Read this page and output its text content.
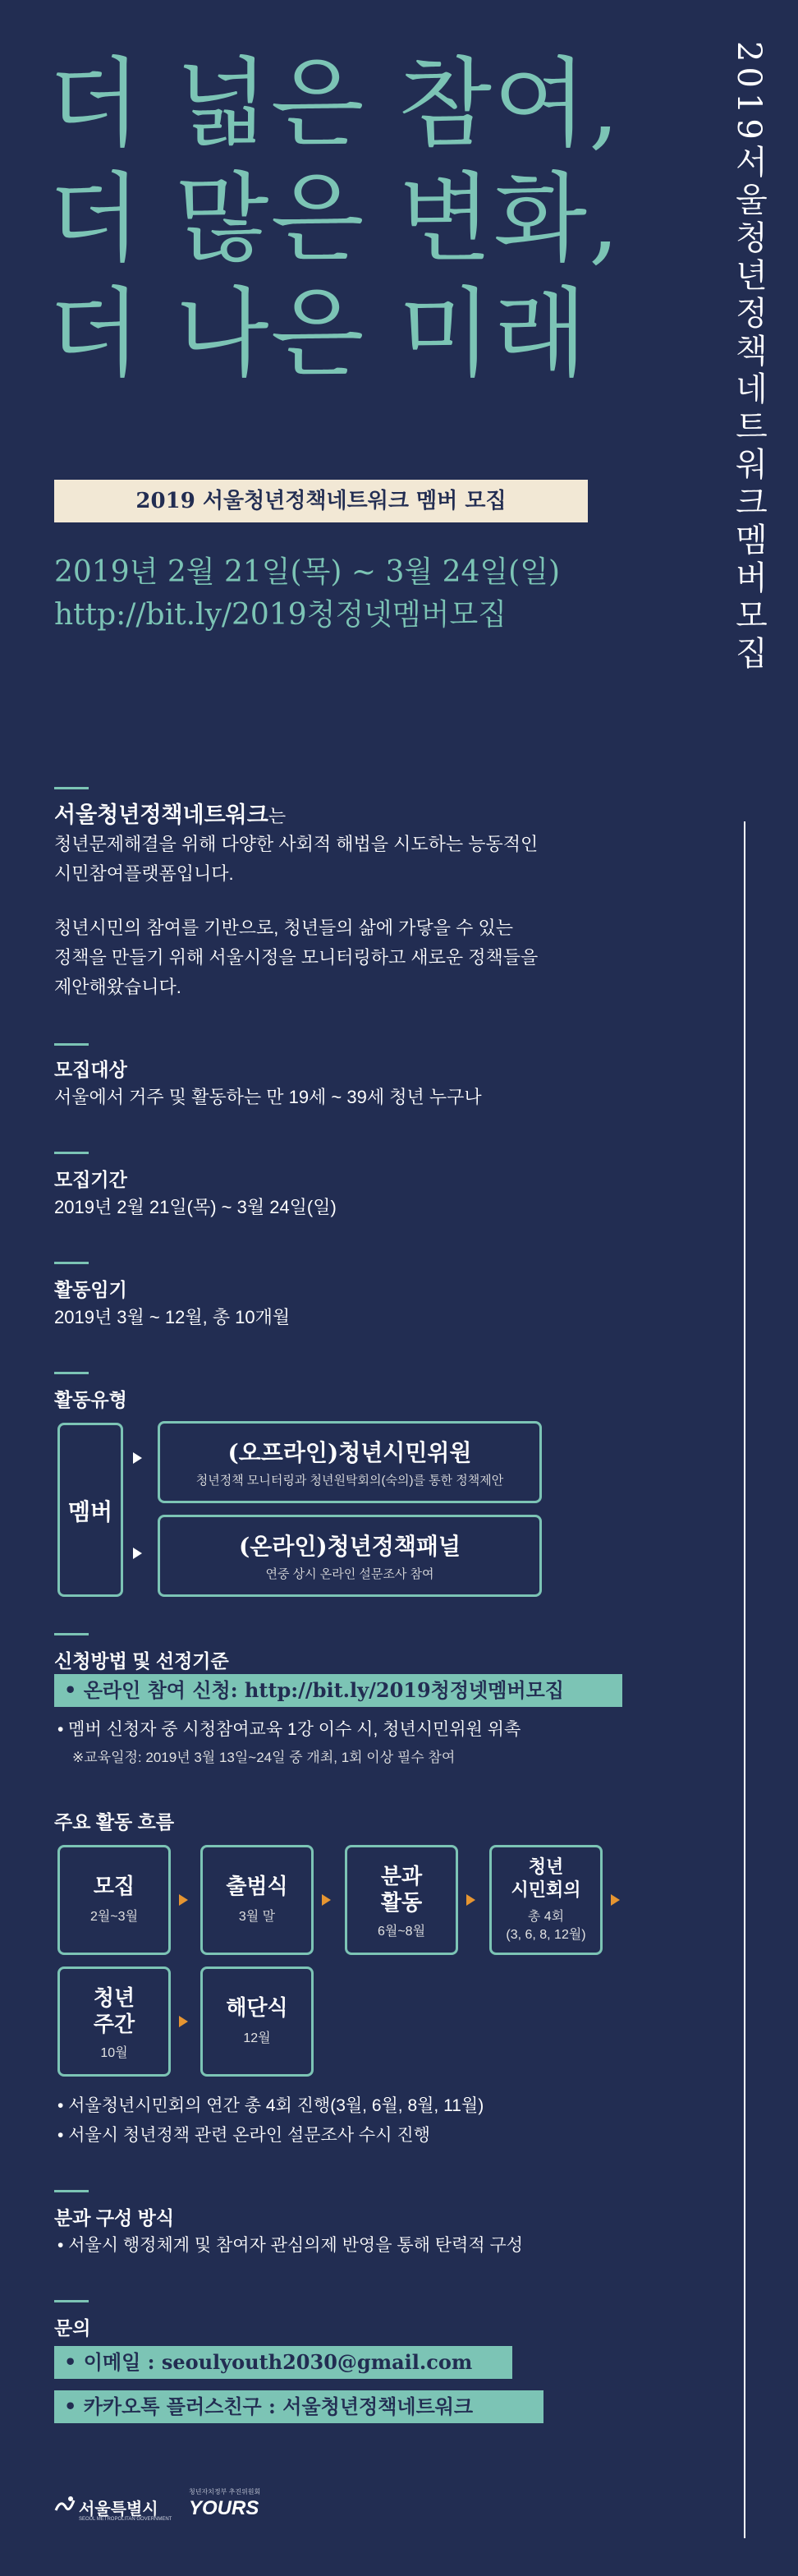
더 넓은 참여,
더 많은 변화,
더 나은 미래	2019서울청년정책네트워크멤버모집
2019 서울청년정책네트워크 멤버 모집
2019년 2월 21일(목) ~ 3월 24일(일)
http://bit.ly/2019청정넷멤버모집
서울청년정책네트워크는
청년문제해결을 위해 다양한 사회적 해법을 시도하는 능동적인
시민참여플랫폼입니다.
청년시민의 참여를 기반으로, 청년들의 삶에 가닿을 수 있는
정책을 만들기 위해 서울시정을 모니터링하고 새로운 정책들을
제안해왔습니다.
모집대상
서울에서 거주 및 활동하는 만 19세 ~ 39세 청년 누구나
모집기간
2019년 2월 21일(목) ~ 3월 24일(일)
활동임기
2019년 3월 ~ 12월, 총 10개월
활동유형
멤버
(오프라인)청년시민위원
청년정책 모니터링과 청년원탁회의(숙의)를 통한 정책제안
(온라인)청년정책패널
연중 상시 온라인 설문조사 참여
신청방법 및 선정기준
• 온라인 참여 신청: http://bit.ly/2019청정넷멤버모집
• 멤버 신청자 중 시청참여교육 1강 이수 시, 청년시민위원 위촉
※교육일정: 2019년 3월 13일~24일 중 개최, 1회 이상 필수 참여
주요 활동 흐름
모집
2월~3월
출범식
3월 말
분과
활동
6월~8월
청년
시민회의
총 4회
(3, 6, 8, 12월)
청년
주간
10월
해단식
12월
• 서울청년시민회의 연간 총 4회 진행(3월, 6월, 8월, 11월)
• 서울시 청년정책 관련 온라인 설문조사 수시 진행
분과 구성 방식
• 서울시 행정체계 및 참여자 관심의제 반영을 통해 탄력적 구성
문의
• 이메일 : seoulyouth2030@gmail.com
• 카카오톡 플러스친구 : 서울청년정책네트워크
서울특별시
SEOUL METROPOLITAN GOVERNMENT
청년자치정부 추진위원회
YOURS
